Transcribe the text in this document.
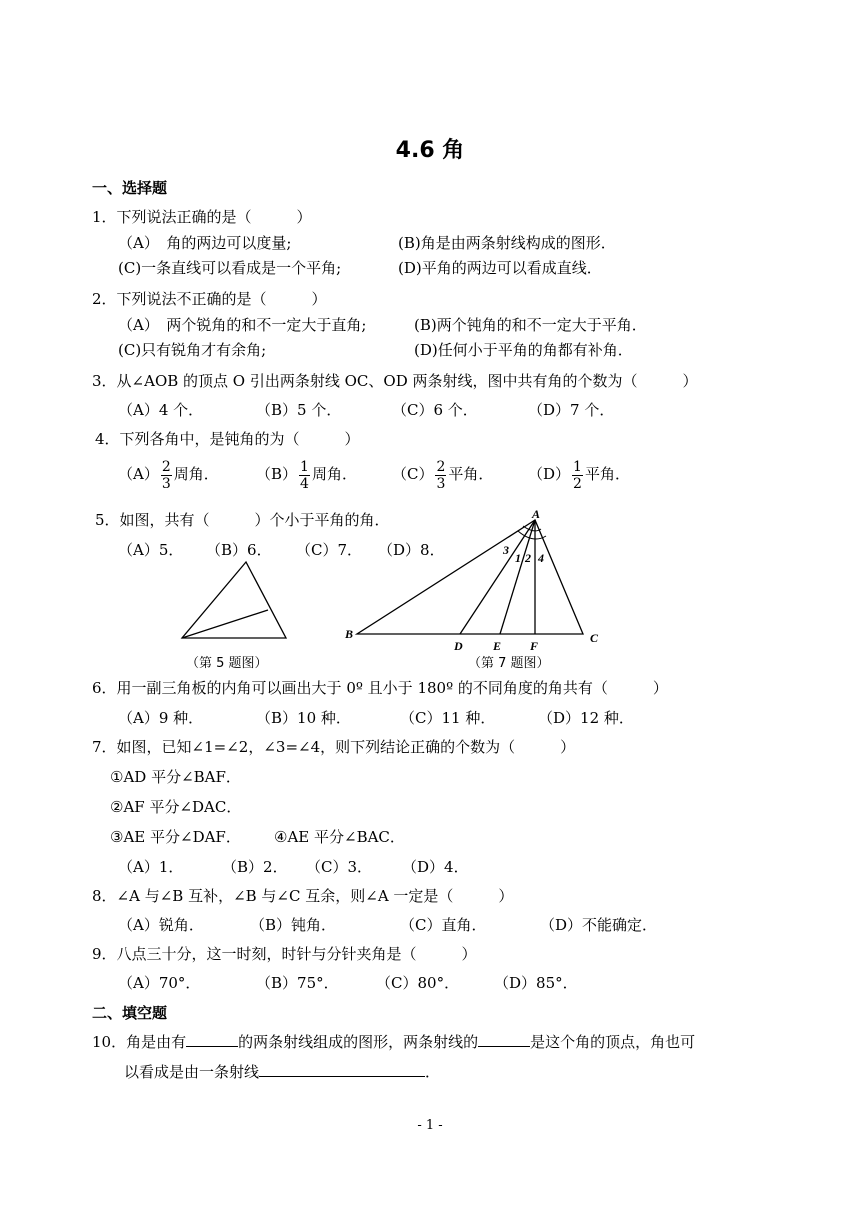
4.6 角
一、选择题
1．下列说法正确的是（　　　）
（A）　角的两边可以度量;	(B)角是由两条射线构成的图形．
(C)一条直线可以看成是一个平角;	(D)平角的两边可以看成直线．
2．下列说法不正确的是（　　　）
（A）　两个锐角的和不一定大于直角;	(B)两个钝角的和不一定大于平角．
(C)只有锐角才有余角;	(D)任何小于平角的角都有补角．
3．从∠AOB 的顶点 O 引出两条射线 OC、OD 两条射线，图中共有角的个数为（　　　）
（A）4 个．	（B）5 个．	（C）6 个．	（D）7 个．
4．下列各角中，是钝角的为（　　　）
$(A) \frac{2}{3}$ 周角． $(B) \frac{1}{4}$ 周角． $(C) \frac{2}{3}$ 平角． $(D) \frac{1}{2}$ 平角．
5．如图，共有（　　　）个小于平角的角．
（A）5． （B）6． （C）7． （D）8．
（第 5 题图）
A
B	C
D	E F
3
1 2 4
（第 7 题图）
6．用一副三角板的内角可以画出大于 0º 且小于 180º 的不同角度的角共有（　　　）
（A）9 种．	（B）10 种．	（C）11 种．	（D）12 种．
7．如图，已知∠1=∠2，∠3=∠4，则下列结论正确的个数为（　　　）
①AD 平分∠BAF．
②AF 平分∠DAC．
③AE 平分∠DAF． ④AE 平分∠BAC．
（A）1．	（B）2． （C）3． （D）4．
8．∠A 与∠B 互补，∠B 与∠C 互余，则∠A 一定是（　　　）
（A）锐角．	（B）钝角．	（C）直角．	（D）不能确定．
9．八点三十分，这一时刻，时针与分针夹角是（　　　）
（A）70°．	（B）75°． （C）80°． （D）85°．
二、填空题
10．角是由有	的两条射线组成的图形，两条射线的	是这个角的顶点，角也可
以看成是由一条射线	．
- 1 -
